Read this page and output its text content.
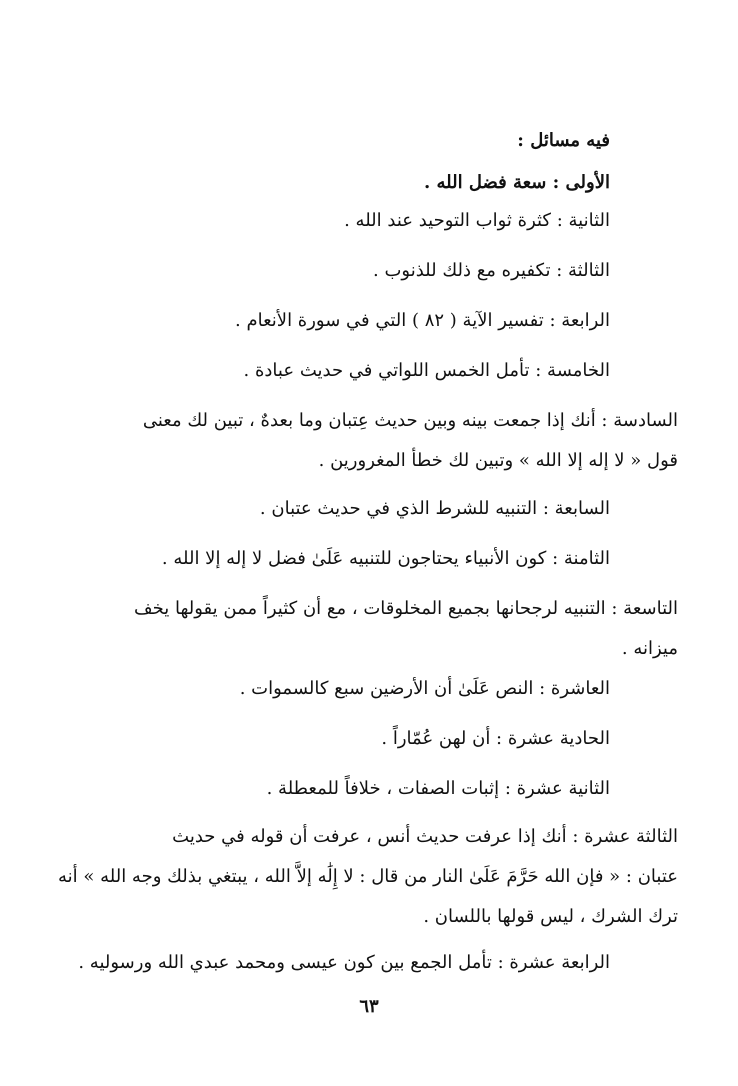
فيه مسائل :
الأولى : سعة فضل الله .
الثانية : كثرة ثواب التوحيد عند الله .
الثالثة : تكفيره مع ذلك للذنوب .
الرابعة : تفسير الآية ( ٨٢ ) التي في سورة الأنعام .
الخامسة : تأمل الخمس اللواتي في حديث عبادة .
السادسة : أنك إذا جمعت بينه وبين حديث عِتبان وما بعدهٌ ، تبين لك معنى
قول « لا إله إلا الله » وتبين لك خطأ المغرورين .
السابعة : التنبيه للشرط الذي في حديث عتبان .
الثامنة : كون الأنبياء يحتاجون للتنبيه عَلَىٰ فضل لا إله إلا الله .
التاسعة : التنبيه لرجحانها بجميع المخلوقات ، مع أن كثيراً ممن يقولها يخف
ميزانه .
العاشرة : النص عَلَىٰ أن الأرضين سبع كالسموات .
الحادية عشرة : أن لهن عُمّاراً .
الثانية عشرة : إثبات الصفات ، خلافاً للمعطلة .
الثالثة عشرة : أنك إذا عرفت حديث أنس ، عرفت أن قوله في حديث
عتبان : « فإن الله حَرَّمَ عَلَىٰ النار من قال : لا إِلَٰه إلاَّ الله ، يبتغي بذلك وجه الله » أنه
ترك الشرك ، ليس قولها باللسان .
الرابعة عشرة : تأمل الجمع بين كون عيسى ومحمد عبدي الله ورسوليه .
٦٣
